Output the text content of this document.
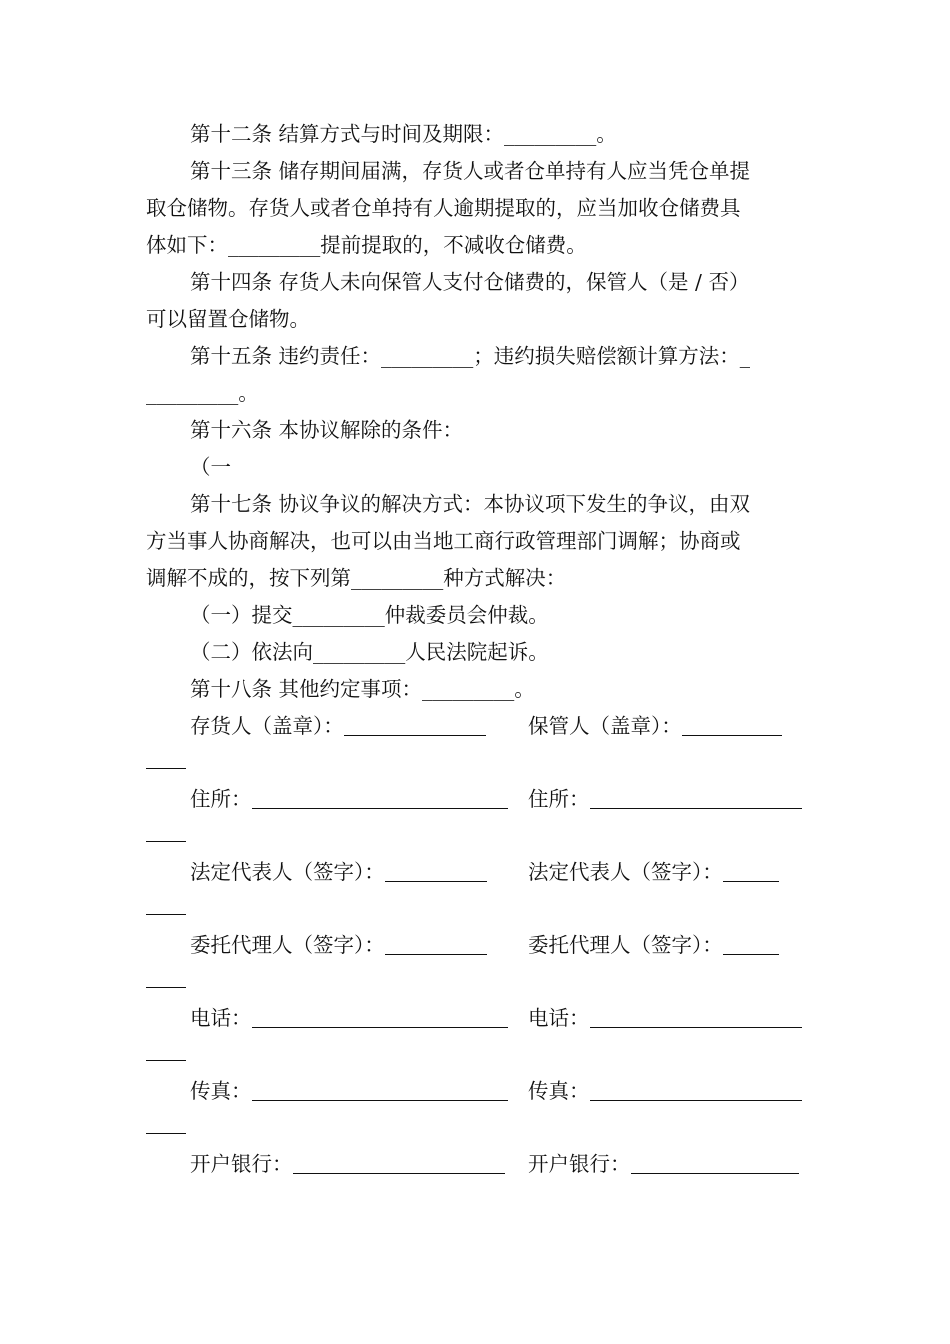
第十二条 结算方式与时间及期限：_________。

第十三条 储存期间届满，存货人或者仓单持有人应当凭仓单提

取仓储物。存货人或者仓单持有人逾期提取的，应当加收仓储费具

体如下：_________提前提取的，不减收仓储费。

第十四条 存货人未向保管人支付仓储费的，保管人（是 / 否）

可以留置仓储物。

第十五条 违约责任：_________；违约损失赔偿额计算方法：_

_________。

第十六条 本协议解除的条件：

（一

第十七条 协议争议的解决方式：本协议项下发生的争议，由双

方当事人协商解决，也可以由当地工商行政管理部门调解；协商或

调解不成的，按下列第_________种方式解决：

（一）提交_________仲裁委员会仲裁。

（二）依法向_________人民法院起诉。

第十八条 其他约定事项：_________。

存货人（盖章）：	保管人（盖章）：
住所：	住所：
法定代表人（签字）：	法定代表人（签字）：
委托代理人（签字）：	委托代理人（签字）：
电话：	电话：
传真：	传真：
开户银行：	开户银行：
